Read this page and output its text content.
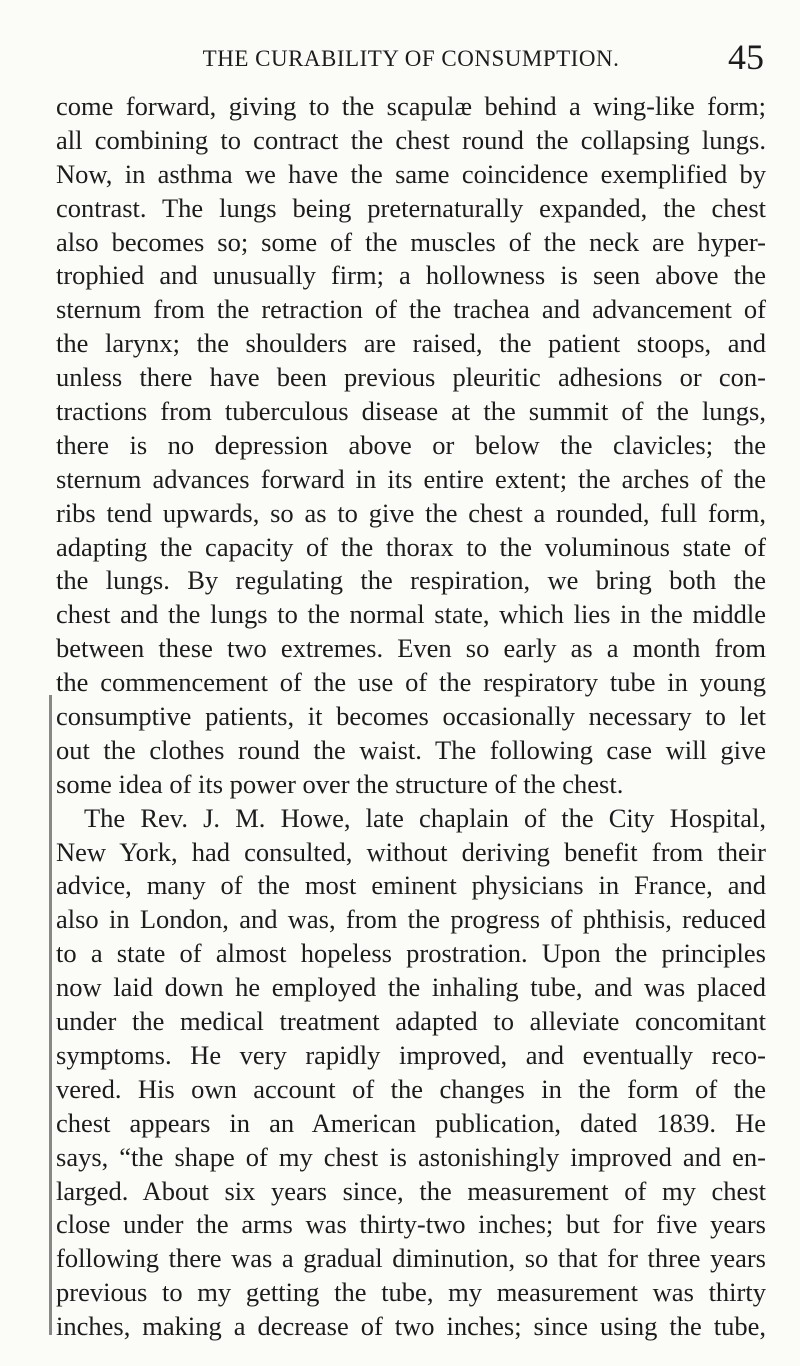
THE CURABILITY OF CONSUMPTION.	45
come forward, giving to the scapulæ behind a wing-like form;
all combining to contract the chest round the collapsing lungs.
Now, in asthma we have the same coincidence exemplified by
contrast. The lungs being preternaturally expanded, the chest
also becomes so; some of the muscles of the neck are hyper-
trophied and unusually firm; a hollowness is seen above the
sternum from the retraction of the trachea and advancement of
the larynx; the shoulders are raised, the patient stoops, and
unless there have been previous pleuritic adhesions or con-
tractions from tuberculous disease at the summit of the lungs,
there is no depression above or below the clavicles; the
sternum advances forward in its entire extent; the arches of the
ribs tend upwards, so as to give the chest a rounded, full form,
adapting the capacity of the thorax to the voluminous state of
the lungs. By regulating the respiration, we bring both the
chest and the lungs to the normal state, which lies in the middle
between these two extremes. Even so early as a month from
the commencement of the use of the respiratory tube in young
consumptive patients, it becomes occasionally necessary to let
out the clothes round the waist. The following case will give
some idea of its power over the structure of the chest.
The Rev. J. M. Howe, late chaplain of the City Hospital,
New York, had consulted, without deriving benefit from their
advice, many of the most eminent physicians in France, and
also in London, and was, from the progress of phthisis, reduced
to a state of almost hopeless prostration. Upon the principles
now laid down he employed the inhaling tube, and was placed
under the medical treatment adapted to alleviate concomitant
symptoms. He very rapidly improved, and eventually reco-
vered. His own account of the changes in the form of the
chest appears in an American publication, dated 1839. He
says, “the shape of my chest is astonishingly improved and en-
larged. About six years since, the measurement of my chest
close under the arms was thirty-two inches; but for five years
following there was a gradual diminution, so that for three years
previous to my getting the tube, my measurement was thirty
inches, making a decrease of two inches; since using the tube,
